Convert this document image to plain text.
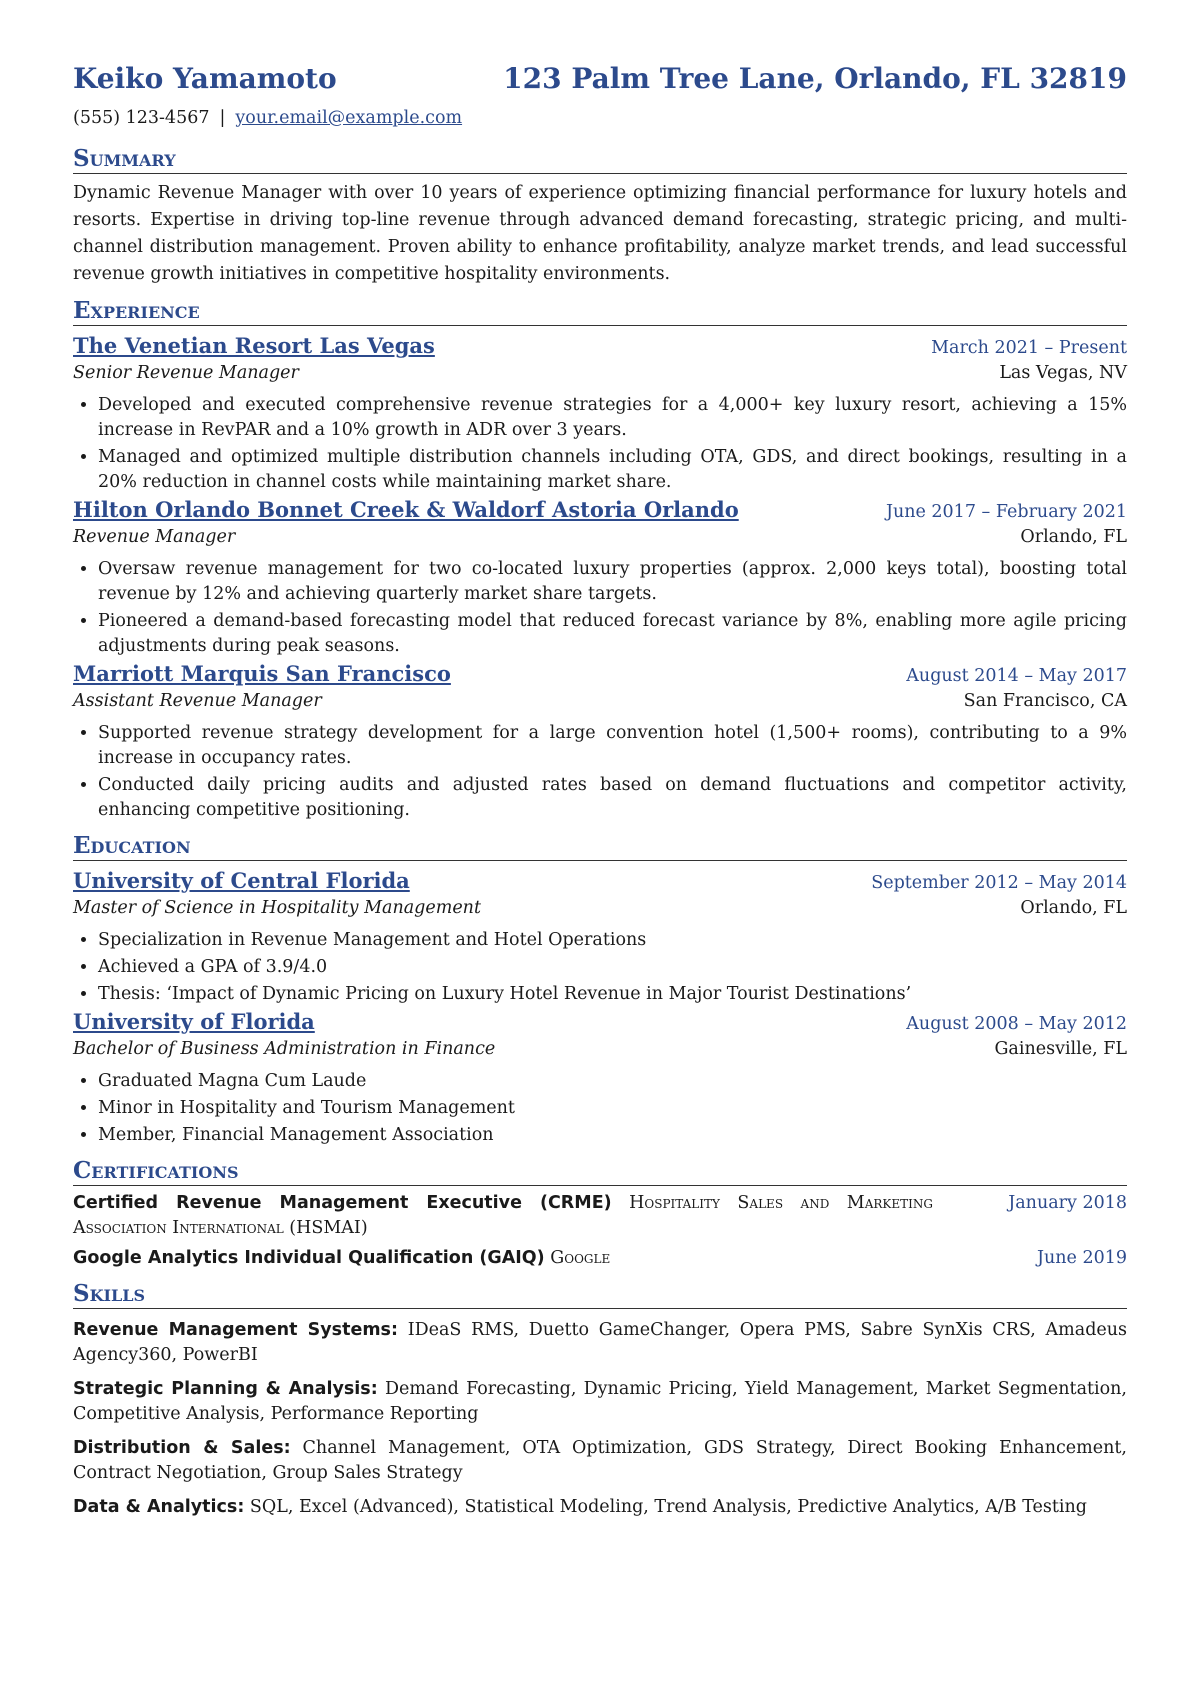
Keiko Yamamoto	123 Palm Tree Lane, Orlando, FL 32819
(555) 123-4567 | your.email@example.com
Summary

Dynamic Revenue Manager with over 10 years of experience optimizing financial performance for luxury hotels and resorts. Expertise in driving top-line revenue through advanced demand forecasting, strategic pricing, and multi-channel distribution management. Proven ability to enhance profitability, analyze market trends, and lead successful revenue growth initiatives in competitive hospitality environments.

Experience
The Venetian Resort Las Vegas	March 2021 – Present
Senior Revenue Manager	Las Vegas, NV
• Developed and executed comprehensive revenue strategies for a 4,000+ key luxury resort, achieving a 15% increase in RevPAR and a 10% growth in ADR over 3 years.
• Managed and optimized multiple distribution channels including OTA, GDS, and direct bookings, resulting in a 20% reduction in channel costs while maintaining market share.
Hilton Orlando Bonnet Creek & Waldorf Astoria Orlando	June 2017 – February 2021
Revenue Manager	Orlando, FL
• Oversaw revenue management for two co-located luxury properties (approx. 2,000 keys total), boosting total revenue by 12% and achieving quarterly market share targets.
• Pioneered a demand-based forecasting model that reduced forecast variance by 8%, enabling more agile pricing adjustments during peak seasons.
Marriott Marquis San Francisco	August 2014 – May 2017
Assistant Revenue Manager	San Francisco, CA
• Supported revenue strategy development for a large convention hotel (1,500+ rooms), contributing to a 9% increase in occupancy rates.
• Conducted daily pricing audits and adjusted rates based on demand fluctuations and competitor activity, enhancing competitive positioning.
Education
University of Central Florida	September 2012 – May 2014
Master of Science in Hospitality Management	Orlando, FL
• Specialization in Revenue Management and Hotel Operations
• Achieved a GPA of 3.9/4.0
• Thesis: ‘Impact of Dynamic Pricing on Luxury Hotel Revenue in Major Tourist Destinations’
University of Florida	August 2008 – May 2012
Bachelor of Business Administration in Finance	Gainesville, FL
• Graduated Magna Cum Laude
• Minor in Hospitality and Tourism Management
• Member, Financial Management Association
Certifications
Certified Revenue Management Executive (CRME) Hospitality Sales and Marketing Association International (HSMAI)
January 2018
Google Analytics Individual Qualification (GAIQ) Google	June 2019
Skills
Revenue Management Systems: IDeaS RMS, Duetto GameChanger, Opera PMS, Sabre SynXis CRS, Amadeus Agency360, PowerBI
Strategic Planning & Analysis: Demand Forecasting, Dynamic Pricing, Yield Management, Market Segmentation, Competitive Analysis, Performance Reporting
Distribution & Sales: Channel Management, OTA Optimization, GDS Strategy, Direct Booking Enhancement, Contract Negotiation, Group Sales Strategy
Data & Analytics: SQL, Excel (Advanced), Statistical Modeling, Trend Analysis, Predictive Analytics, A/B Testing
